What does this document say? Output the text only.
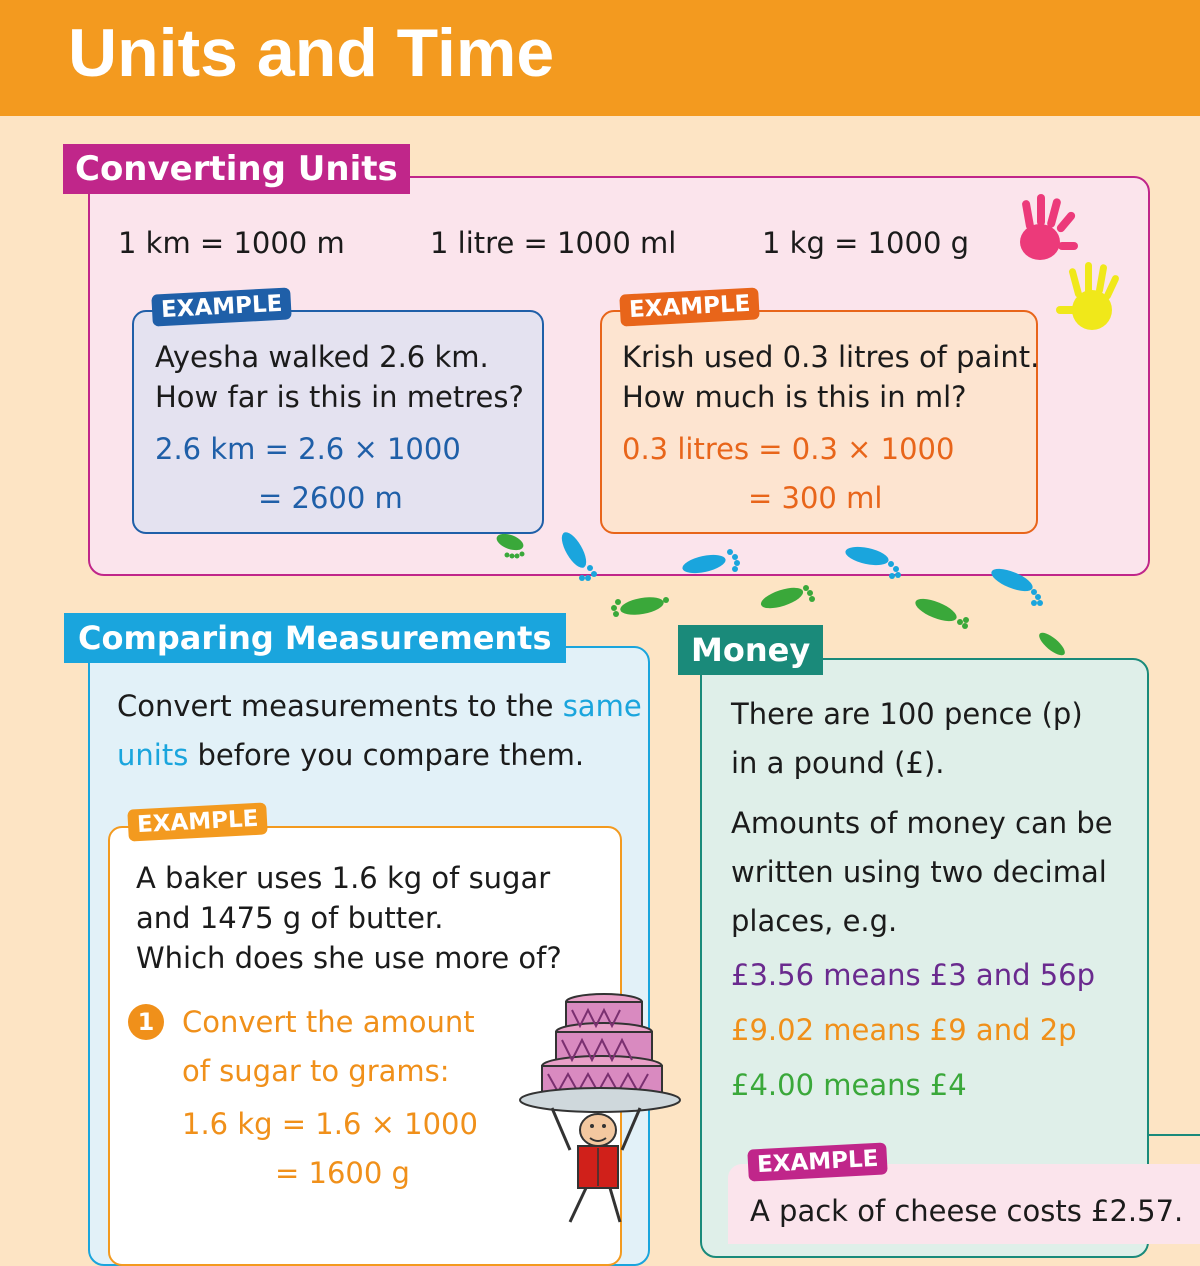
Units and Time
Converting Units
1 km = 1000 m	1 litre = 1000 ml	1 kg = 1000 g
EXAMPLE
Ayesha walked 2.6 km.
How far is this in metres?
2.6 km = 2.6 × 1000
= 2600 m
EXAMPLE
Krish used 0.3 litres of paint.
How much is this in ml?
0.3 litres = 0.3 × 1000
= 300 ml
Comparing Measurements
Convert measurements to the same
units before you compare them.
EXAMPLE
A baker uses 1.6 kg of sugar
and 1475 g of butter.
Which does she use more of?
1 Convert the amount
of sugar to grams:
1.6 kg = 1.6 × 1000
= 1600 g
Money
There are 100 pence (p)
in a pound (£).
Amounts of money can be
written using two decimal
places, e.g.
£3.56 means £3 and 56p
£9.02 means £9 and 2p
£4.00 means £4
EXAMPLE
A pack of cheese costs £2.57.
